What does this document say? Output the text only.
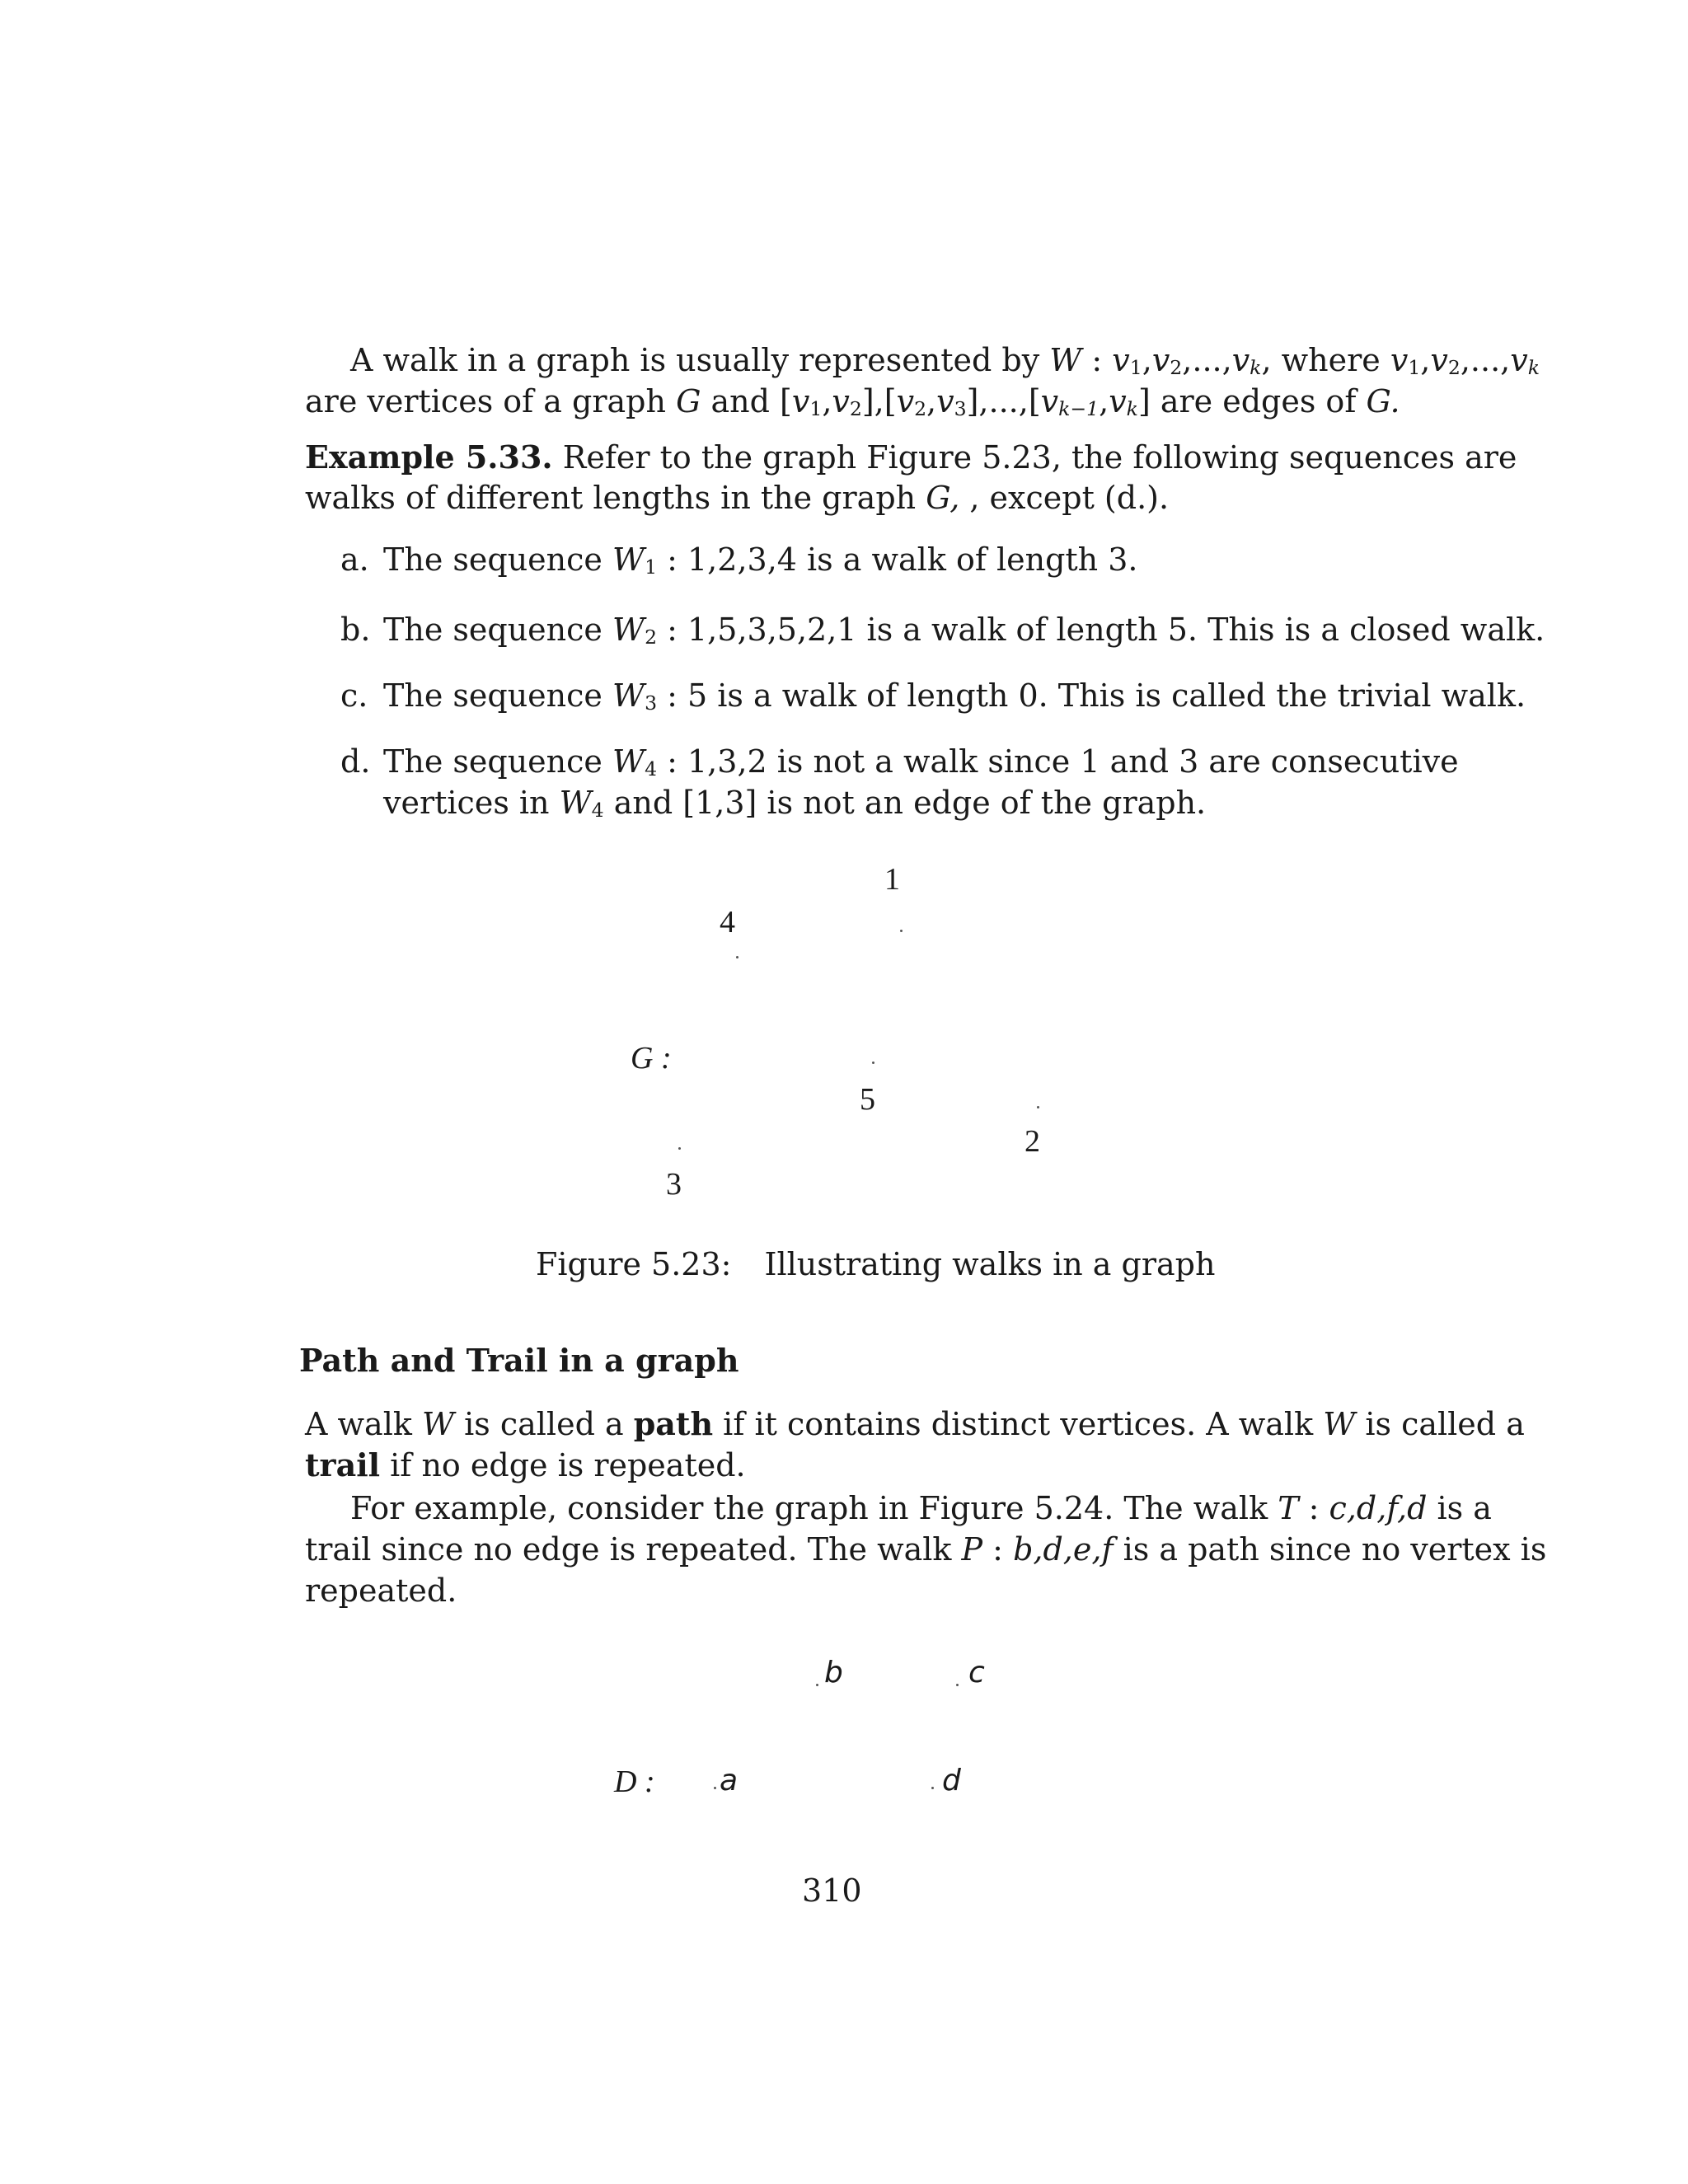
A walk in a graph is usually represented by W : v1,v2,...,vk, where v1,v2,...,vk
are vertices of a graph G and [v1,v2],[v2,v3],...,[vk−1,vk] are edges of G.
Example 5.33. Refer to the graph Figure 5.23, the following sequences are
walks of different lengths in the graph G, , except (d.).
a. The sequence W1 : 1,2,3,4 is a walk of length 3.
b. The sequence W2 : 1,5,3,5,2,1 is a walk of length 5. This is a closed walk.
c. The sequence W3 : 5 is a walk of length 0. This is called the trivial walk.
d. The sequence W4 : 1,3,2 is not a walk since 1 and 3 are consecutive
vertices in W4 and [1,3] is not an edge of the graph.
1
4
G :
5
2
3
Figure 5.23: Illustrating walks in a graph
Path and Trail in a graph
A walk W is called a path if it contains distinct vertices. A walk W is called a
trail if no edge is repeated.
For example, consider the graph in Figure 5.24. The walk T : c,d,f,d is a
trail since no edge is repeated. The walk P : b,d,e,f is a path since no vertex is
repeated.
b	c
D : a	d
310
